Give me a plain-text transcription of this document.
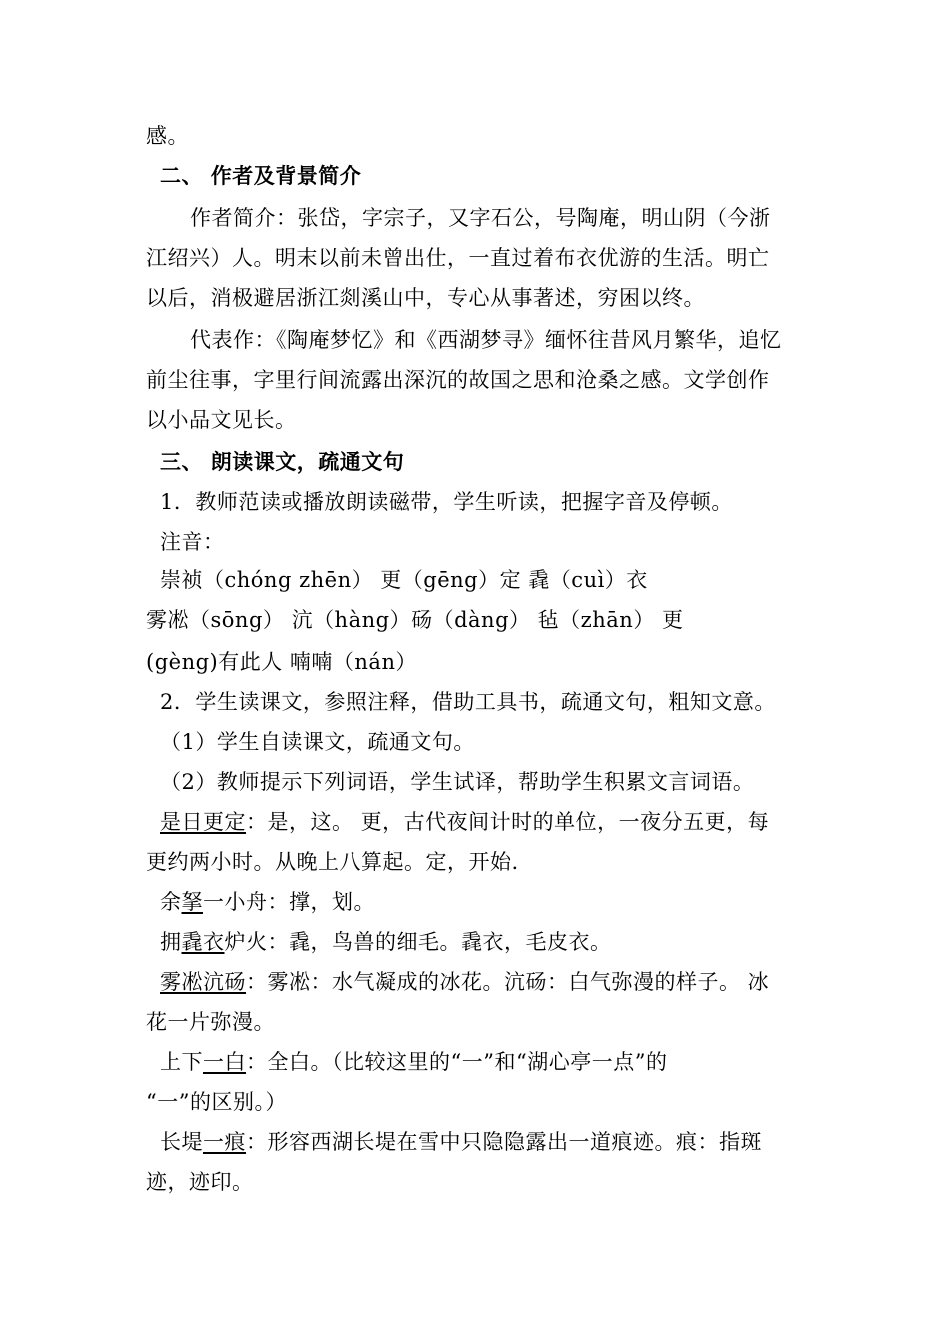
感。
二、 作者及背景简介
作者简介：张岱，字宗子，又字石公，号陶庵，明山阴（今浙
江绍兴）人。明末以前未曾出仕，一直过着布衣优游的生活。明亡
以后，消极避居浙江剡溪山中，专心从事著述，穷困以终。
代表作：《陶庵梦忆》和《西湖梦寻》缅怀往昔风月繁华，追忆
前尘往事，字里行间流露出深沉的故国之思和沧桑之感。文学创作
以小品文见长。
三、 朗读课文，疏通文句
1．教师范读或播放朗读磁带，学生听读，把握字音及停顿。
注音：
崇祯（chóng zhēn） 更（gēng）定 毳（cuì）衣
雾凇（sōng） 沆（hàng）砀（dàng） 毡（zhān） 更
(gèng)有此人 喃喃（nán）
2．学生读课文，参照注释，借助工具书，疏通文句，粗知文意。
（1）学生自读课文，疏通文句。
（2）教师提示下列词语，学生试译，帮助学生积累文言词语。
是日更定：是，这。 更，古代夜间计时的单位，一夜分五更，每
更约两小时。从晚上八算起。定，开始.
余拏一小舟：撑，划。
拥毳衣炉火：毳，鸟兽的细毛。毳衣，毛皮衣。
雾凇沆砀：雾凇：水气凝成的冰花。沆砀：白气弥漫的样子。 冰
花一片弥漫。
上下一白：全白。（比较这里的“一”和“湖心亭一点”的
“一”的区别。）
长堤一痕：形容西湖长堤在雪中只隐隐露出一道痕迹。痕：指斑
迹，迹印。
